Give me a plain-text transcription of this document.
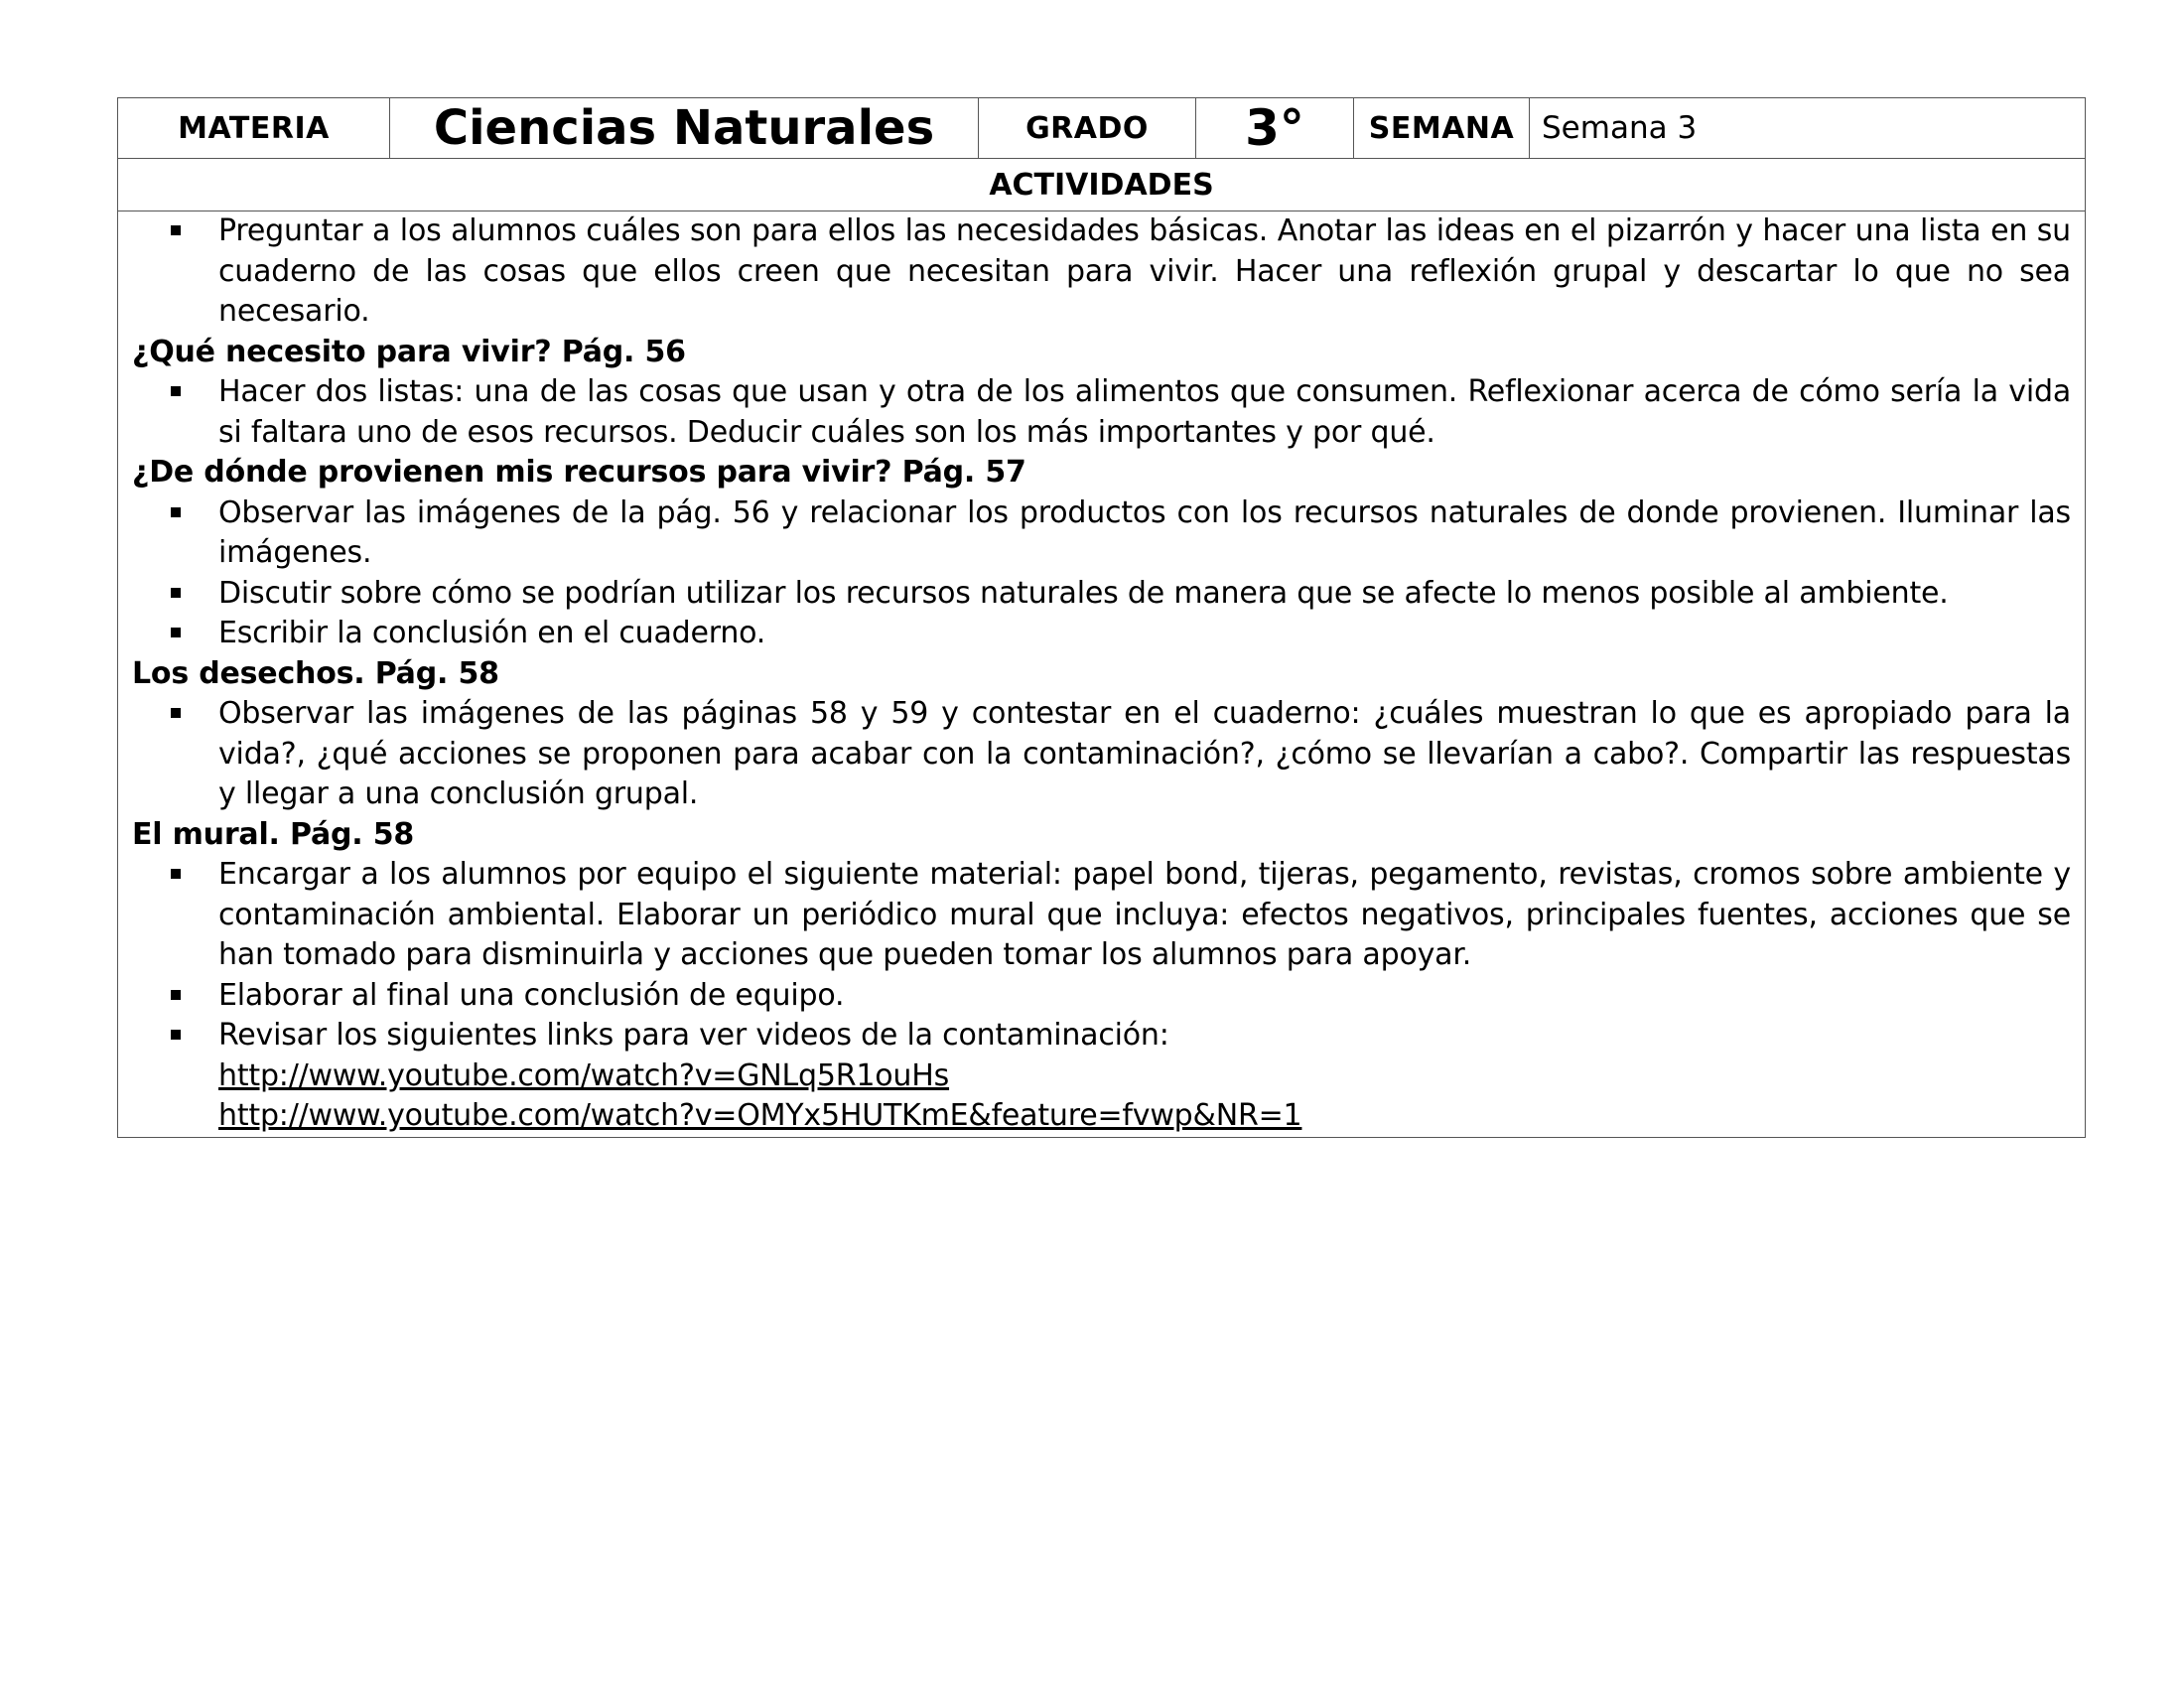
MATERIA	Ciencias Naturales	GRADO	3°	SEMANA	Semana 3
ACTIVIDADES

Preguntar a los alumnos cuáles son para ellos las necesidades básicas. Anotar las ideas en el pizarrón y hacer una lista en su cuaderno de las cosas que ellos creen que necesitan para vivir. Hacer una reflexión grupal y descartar lo que no sea necesario.
¿Qué necesito para vivir? Pág. 56
Hacer dos listas: una de las cosas que usan y otra de los alimentos que consumen. Reflexionar acerca de cómo sería la vida si faltara uno de esos recursos. Deducir cuáles son los más importantes y por qué.
¿De dónde provienen mis recursos para vivir? Pág. 57
Observar las imágenes de la pág. 56 y relacionar los productos con los recursos naturales de donde provienen. Iluminar las imágenes.
Discutir sobre cómo se podrían utilizar los recursos naturales de manera que se afecte lo menos posible al ambiente.
Escribir la conclusión en el cuaderno.
Los desechos. Pág. 58
Observar las imágenes de las páginas 58 y 59 y contestar en el cuaderno: ¿cuáles muestran lo que es apropiado para la vida?, ¿qué acciones se proponen para acabar con la contaminación?, ¿cómo se llevarían a cabo?. Compartir las respuestas y llegar a una conclusión grupal.
El mural. Pág. 58
Encargar a los alumnos por equipo el siguiente material: papel bond, tijeras, pegamento, revistas, cromos sobre ambiente y contaminación ambiental. Elaborar un periódico mural que incluya: efectos negativos, principales fuentes, acciones que se han tomado para disminuirla y acciones que pueden tomar los alumnos para apoyar.
Elaborar al final una conclusión de equipo.
Revisar los siguientes links para ver videos de la contaminación:
http://www.youtube.com/watch?v=GNLq5R1ouHs
http://www.youtube.com/watch?v=OMYx5HUTKmE&feature=fvwp&NR=1
